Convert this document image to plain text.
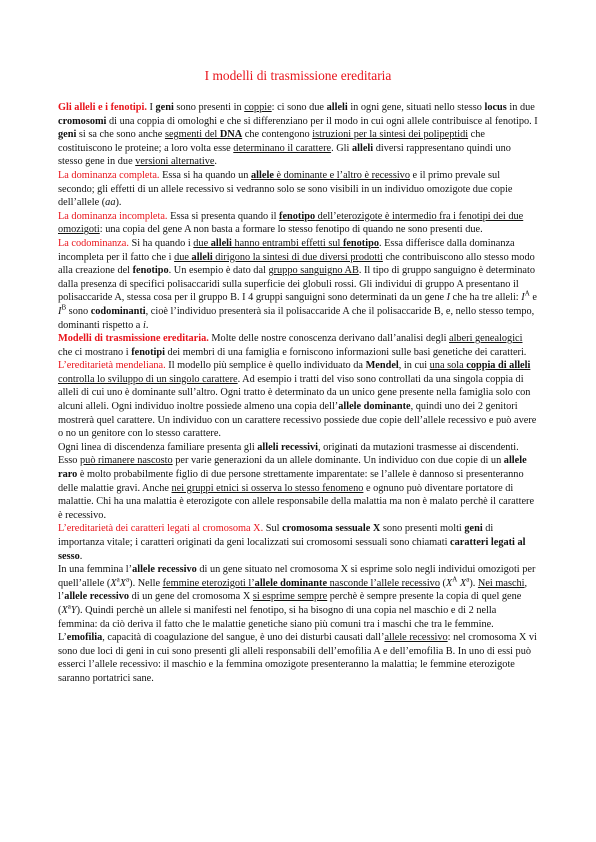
I modelli di trasmissione ereditaria

Gli alleli e i fenotipi. I geni sono presenti in coppie: ci sono due alleli in ogni gene, situati nello stesso locus in due cromosomi di una coppia di omologhi e che si differenziano per il modo in cui ogni allele contribuisce al fenotipo. I geni si sa che sono anche segmenti del DNA che contengono istruzioni per la sintesi dei polipeptidi che costituiscono le proteine; a loro volta esse determinano il carattere. Gli alleli diversi rappresentano quindi uno stesso gene in due versioni alternative.

La dominanza completa. Essa si ha quando un allele è dominante e l’altro è recessivo e il primo prevale sul secondo; gli effetti di un allele recessivo si vedranno solo se sono visibili in un individuo omozigote due copie dell’allele (aa).

La dominanza incompleta. Essa si presenta quando il fenotipo dell’eterozigote è intermedio fra i fenotipi dei due omozigoti: una copia del gene A non basta a formare lo stesso fenotipo di quando ne sono presenti due.

La codominanza. Si ha quando i due alleli hanno entrambi effetti sul fenotipo. Essa differisce dalla dominanza incompleta per il fatto che i due alleli dirigono la sintesi di due diversi prodotti che contribuiscono allo stesso modo alla creazione del fenotipo. Un esempio è dato dal gruppo sanguigno AB. Il tipo di gruppo sanguigno è determinato dalla presenza di specifici polisaccaridi sulla superficie dei globuli rossi. Gli individui di gruppo A presentano il polisaccaride A, stessa cosa per il gruppo B. I 4 gruppi sanguigni sono determinati da un gene I che ha tre alleli: $I^A$ e $I^B$ sono codominanti, cioè l’individuo presenterà sia il polisaccaride A che il polisaccaride B, e, nello stesso tempo, dominanti rispetto a i.

Modelli di trasmissione ereditaria. Molte delle nostre conoscenza derivano dall’analisi degli alberi genealogici che ci mostrano i fenotipi dei membri di una famiglia e forniscono informazioni sulle basi genetiche dei caratteri.

L’ereditarietà mendeliana. Il modello più semplice è quello individuato da Mendel, in cui una sola coppia di alleli controlla lo sviluppo di un singolo carattere. Ad esempio i tratti del viso sono controllati da una singola coppia di alleli di cui uno è dominante sull’altro. Ogni tratto è determinato da un unico gene presente nella famiglia solo con alcuni alleli. Ogni individuo inoltre possiede almeno una copia dell’allele dominante, quindi uno dei 2 genitori mostrerà quel carattere. Un individuo con un carattere recessivo possiede due copie dell’allele recessivo e può avere o no un genitore con lo stesso carattere.

Ogni linea di discendenza familiare presenta gli alleli recessivi, originati da mutazioni trasmesse ai discendenti. Esso può rimanere nascosto per varie generazioni da un allele dominante. Un individuo con due copie di un allele raro è molto probabilmente figlio di due persone strettamente imparentate: se l’allele è dannoso si presenteranno delle malattie gravi. Anche nei gruppi etnici si osserva lo stesso fenomeno e ognuno può diventare portatore di malattie. Chi ha una malattia è eterozigote con allele responsabile della malattia ma non è malato perchè il carattere è recessivo.

L’ereditarietà dei caratteri legati al cromosoma X. Sul cromosoma sessuale X sono presenti molti geni di importanza vitale; i caratteri originati da geni localizzati sui cromosomi sessuali sono chiamati caratteri legati al sesso.

In una femmina l’allele recessivo di un gene situato nel cromosoma X si esprime solo negli individui omozigoti per quell’allele $(X^aX^a)$. Nelle femmine eterozigoti l’allele dominante nasconde l’allele recessivo ($X^A$ $X^a$). Nei maschi, l’allele recessivo di un gene del cromosoma X si esprime sempre perchè è sempre presente la copia di quel gene $(X^aY)$. Quindi perchè un allele si manifesti nel fenotipo, si ha bisogno di una copia nel maschio e di 2 nella femmina: da ciò deriva il fatto che le malattie genetiche siano più comuni tra i maschi che tra le femmine.

L’emofilia, capacità di coagulazione del sangue, è uno dei disturbi causati dall’allele recessivo: nel cromosoma X vi sono due loci di geni in cui sono presenti gli alleli responsabili dell’emofilia A e dell’emofilia B. In uno di essi può esserci l’allele recessivo: il maschio e la femmina omozigote presenteranno la malattia; le femmine eterozigote saranno portatrici sane.
